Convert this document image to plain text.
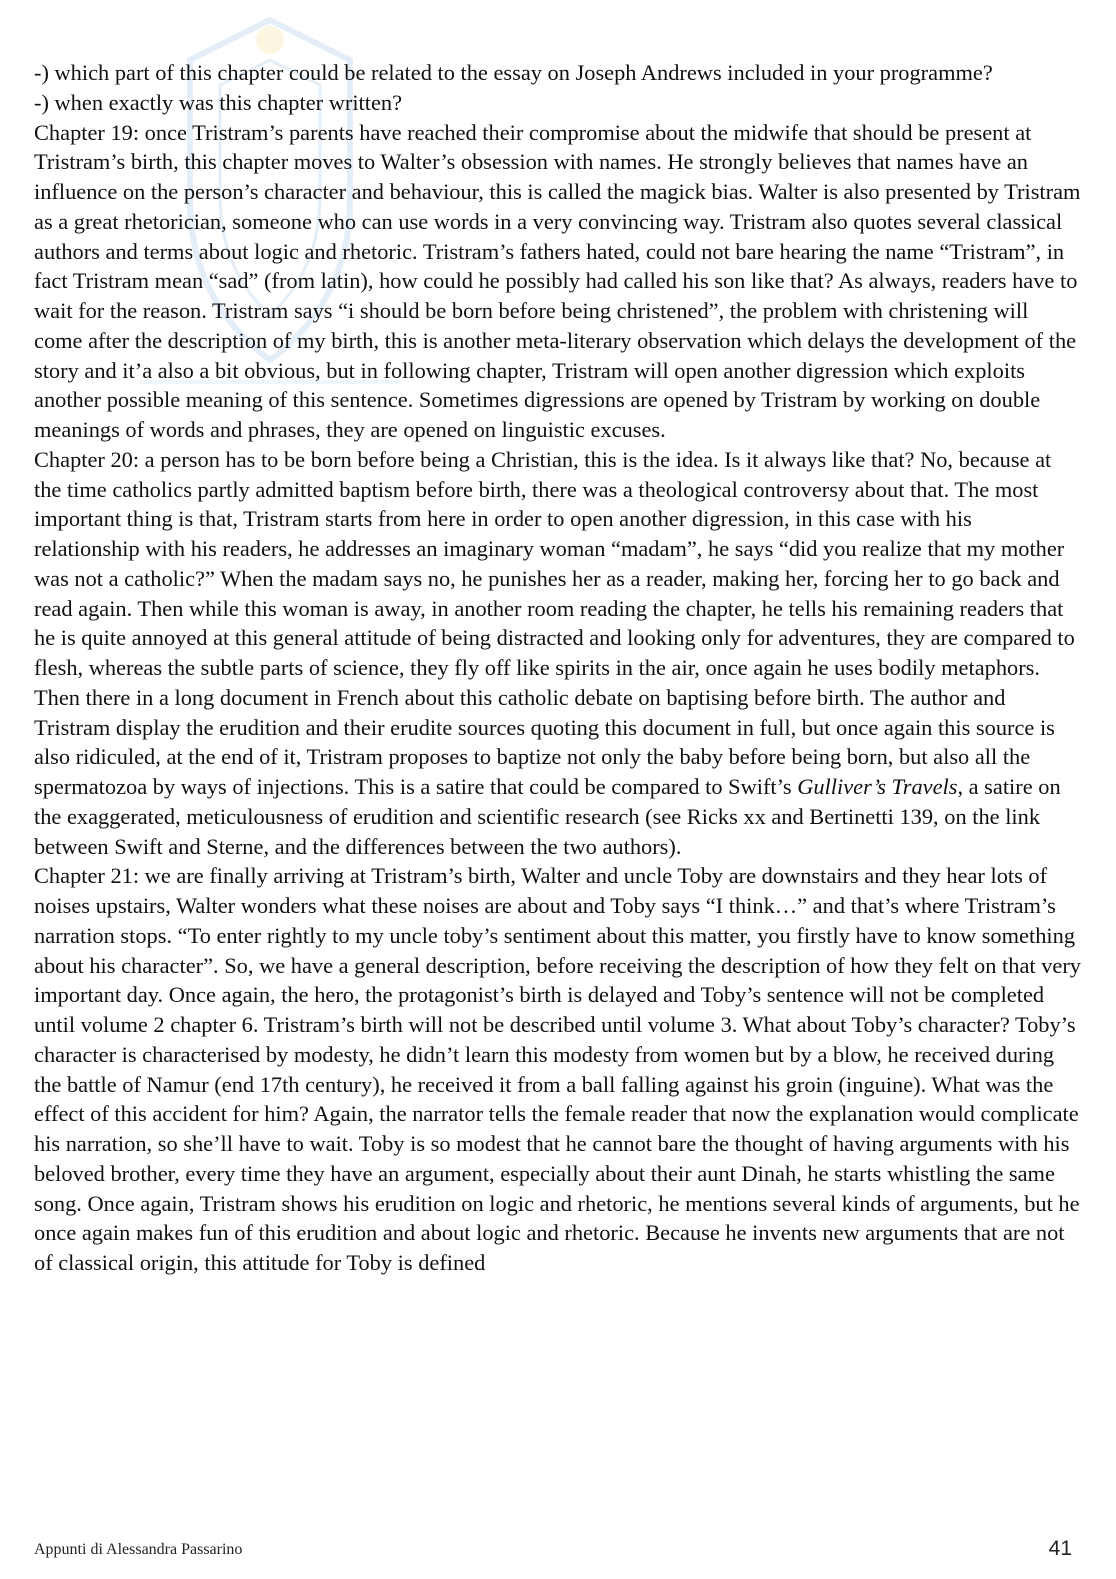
-) which part of this chapter could be related to the essay on Joseph Andrews included in your programme?

-) when exactly was this chapter written?

Chapter 19: once Tristram’s parents have reached their compromise about the midwife that should be present at Tristram’s birth, this chapter moves to Walter’s obsession with names. He strongly believes that names have an influence on the person’s character and behaviour, this is called the magick bias. Walter is also presented by Tristram as a great rhetorician, someone who can use words in a very convincing way. Tristram also quotes several classical authors and terms about logic and rhetoric. Tristram’s fathers hated, could not bare hearing the name “Tristram”, in fact Tristram mean “sad” (from latin), how could he possibly had called his son like that? As always, readers have to wait for the reason. Tristram says “i should be born before being christened”, the problem with christening will come after the description of my birth, this is another meta-literary observation which delays the development of the story and it’a also a bit obvious, but in following chapter, Tristram will open another digression which exploits another possible meaning of this sentence. Sometimes digressions are opened by Tristram by working on double meanings of words and phrases, they are opened on linguistic excuses.

Chapter 20: a person has to be born before being a Christian, this is the idea. Is it always like that? No, because at the time catholics partly admitted baptism before birth, there was a theological controversy about that. The most important thing is that, Tristram starts from here in order to open another digression, in this case with his relationship with his readers, he addresses an imaginary woman “madam”, he says “did you realize that my mother was not a catholic?” When the madam says no, he punishes her as a reader, making her, forcing her to go back and read again. Then while this woman is away, in another room reading the chapter, he tells his remaining readers that he is quite annoyed at this general attitude of being distracted and looking only for adventures, they are compared to flesh, whereas the subtle parts of science, they fly off like spirits in the air, once again he uses bodily metaphors. Then there in a long document in French about this catholic debate on baptising before birth. The author and Tristram display the erudition and their erudite sources quoting this document in full, but once again this source is also ridiculed, at the end of it, Tristram proposes to baptize not only the baby before being born, but also all the spermatozoa by ways of injections. This is a satire that could be compared to Swift’s Gulliver’s Travels, a satire on the exaggerated, meticulousness of erudition and scientific research (see Ricks xx and Bertinetti 139, on the link between Swift and Sterne, and the differences between the two authors).

Chapter 21: we are finally arriving at Tristram’s birth, Walter and uncle Toby are downstairs and they hear lots of noises upstairs, Walter wonders what these noises are about and Toby says “I think…” and that’s where Tristram’s narration stops. “To enter rightly to my uncle toby’s sentiment about this matter, you firstly have to know something about his character”. So, we have a general description, before receiving the description of how they felt on that very important day. Once again, the hero, the protagonist’s birth is delayed and Toby’s sentence will not be completed until volume 2 chapter 6. Tristram’s birth will not be described until volume 3. What about Toby’s character? Toby’s character is characterised by modesty, he didn’t learn this modesty from women but by a blow, he received during the battle of Namur (end 17th century), he received it from a ball falling against his groin (inguine). What was the effect of this accident for him? Again, the narrator tells the female reader that now the explanation would complicate his narration, so she’ll have to wait. Toby is so modest that he cannot bare the thought of having arguments with his beloved brother, every time they have an argument, especially about their aunt Dinah, he starts whistling the same song. Once again, Tristram shows his erudition on logic and rhetoric, he mentions several kinds of arguments, but he once again makes fun of this erudition and about logic and rhetoric. Because he invents new arguments that are not of classical origin, this attitude for Toby is defined

Appunti di Alessandra Passarino	41
